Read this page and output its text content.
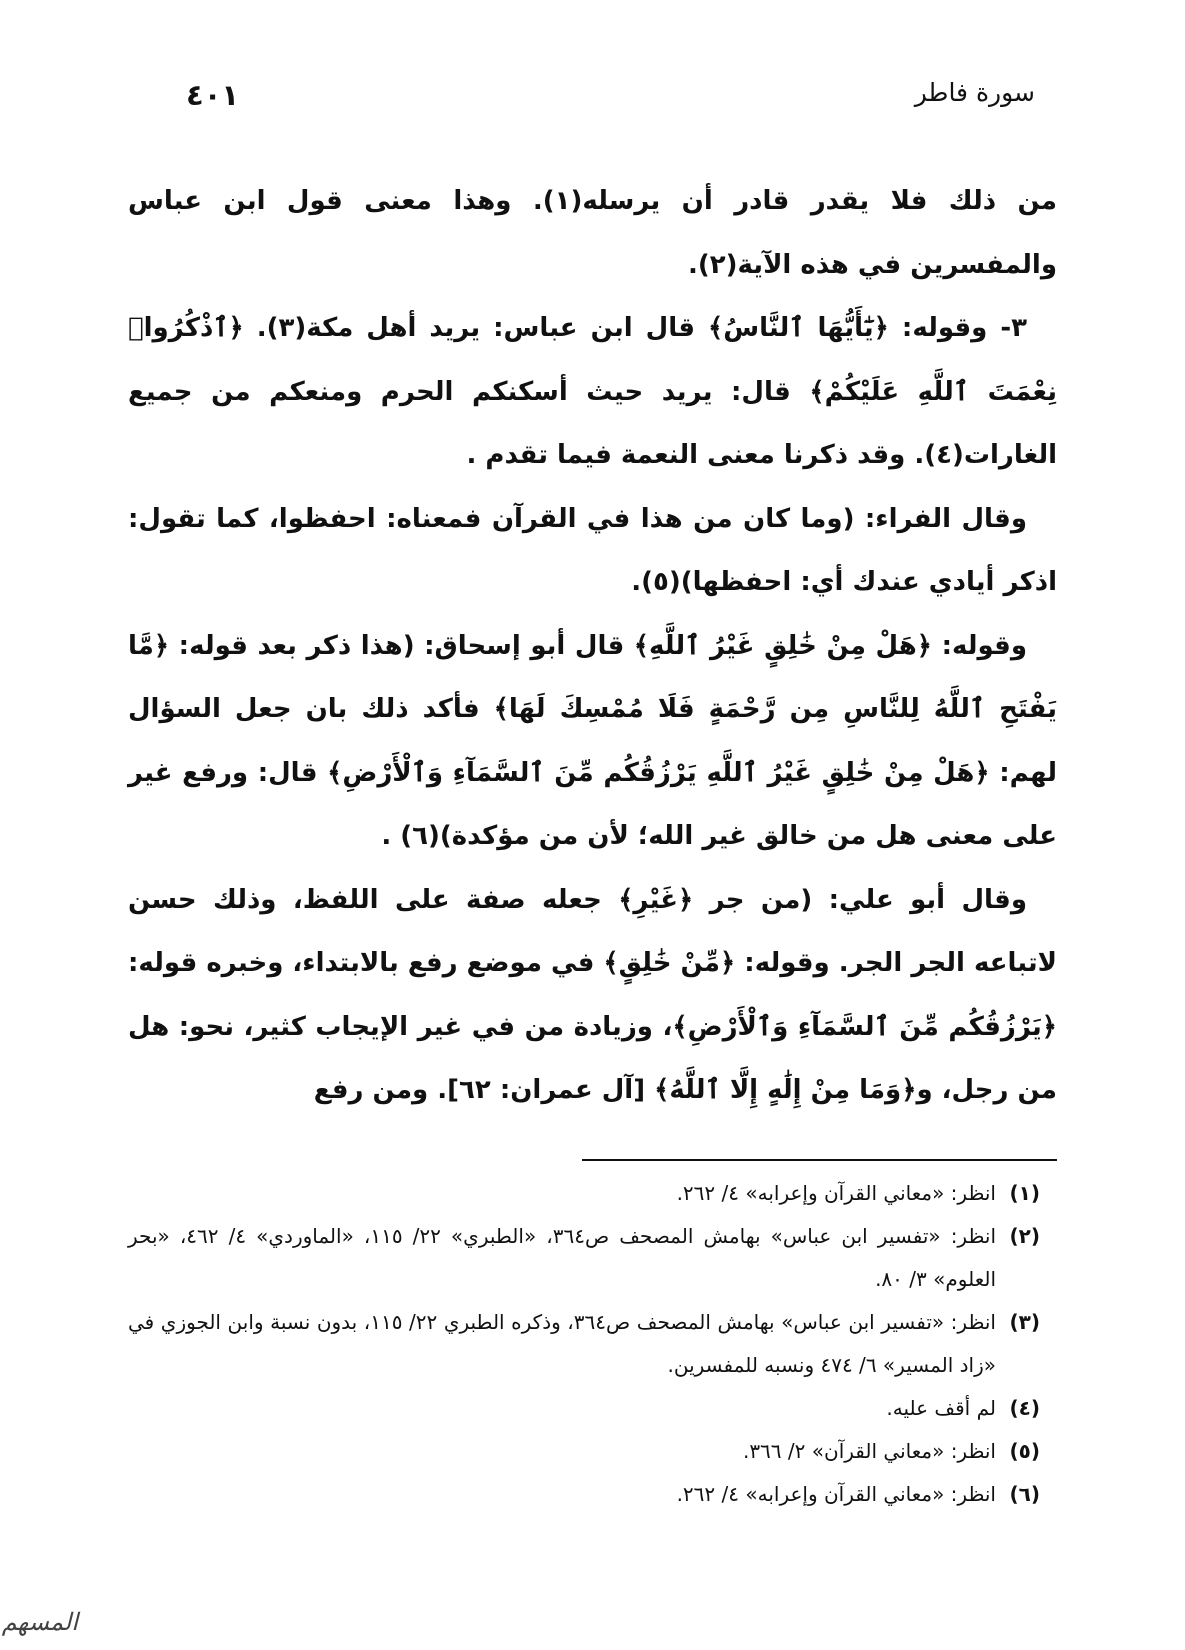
سورة فاطر
٤٠١

من ذلك فلا يقدر قادر أن يرسله(١). وهذا معنى قول ابن عباس والمفسرين في هذه الآية(٢).

٣- وقوله: ﴿يَٰٓأَيُّهَا ٱلنَّاسُ﴾ قال ابن عباس: يريد أهل مكة(٣). ﴿ٱذْكُرُوا۟ نِعْمَتَ ٱللَّهِ عَلَيْكُمْ﴾ قال: يريد حيث أسكنكم الحرم ومنعكم من جميع الغارات(٤). وقد ذكرنا معنى النعمة فيما تقدم .

وقال الفراء: (وما كان من هذا في القرآن فمعناه: احفظوا، كما تقول: اذكر أيادي عندك أي: احفظها)(٥).

وقوله: ﴿هَلْ مِنْ خَٰلِقٍ غَيْرُ ٱللَّهِ﴾ قال أبو إسحاق: (هذا ذكر بعد قوله: ﴿مَّا يَفْتَحِ ٱللَّهُ لِلنَّاسِ مِن رَّحْمَةٍ فَلَا مُمْسِكَ لَهَا﴾ فأكد ذلك بان جعل السؤال لهم: ﴿هَلْ مِنْ خَٰلِقٍ غَيْرُ ٱللَّهِ يَرْزُقُكُم مِّنَ ٱلسَّمَآءِ وَٱلْأَرْضِ﴾ قال: ورفع غير على معنى هل من خالق غير الله؛ لأن من مؤكدة)(٦) .

وقال أبو علي: (من جر ﴿غَيْرِ﴾ جعله صفة على اللفظ، وذلك حسن لاتباعه الجر الجر. وقوله: ﴿مِّنْ خَٰلِقٍ﴾ في موضع رفع بالابتداء، وخبره قوله: ﴿يَرْزُقُكُم مِّنَ ٱلسَّمَآءِ وَٱلْأَرْضِ﴾، وزيادة من في غير الإيجاب كثير، نحو: هل من رجل، و﴿وَمَا مِنْ إِلَٰهٍ إِلَّا ٱللَّهُ﴾ [آل عمران: ٦٢]. ومن رفع

(١)
انظر: «معاني القرآن وإعرابه» ٤/ ٢٦٢.
(٢)
انظر: «تفسير ابن عباس» بهامش المصحف ص٣٦٤، «الطبري» ٢٢/ ١١٥، «الماوردي» ٤/ ٤٦٢، «بحر العلوم» ٣/ ٨٠.
(٣)
انظر: «تفسير ابن عباس» بهامش المصحف ص٣٦٤، وذكره الطبري ٢٢/ ١١٥، بدون نسبة وابن الجوزي في «زاد المسير» ٦/ ٤٧٤ ونسبه للمفسرين.
(٤)
لم أقف عليه.
(٥)
انظر: «معاني القرآن» ٢/ ٣٦٦.
(٦)
انظر: «معاني القرآن وإعرابه» ٤/ ٢٦٢.
المسهم
